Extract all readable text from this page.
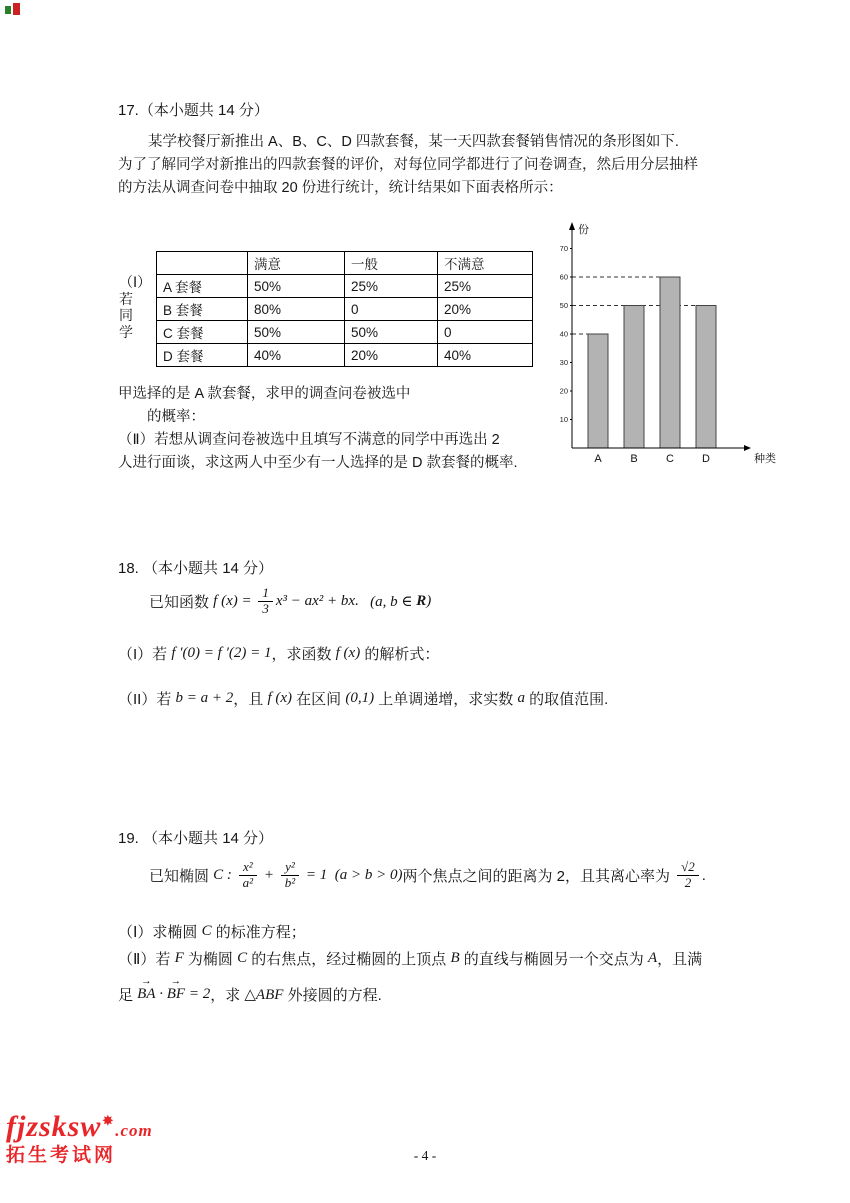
17.（本小题共 14 分）
某学校餐厅新推出 A、B、C、D 四款套餐，某一天四款套餐销售情况的条形图如下.
为了了解同学对新推出的四款套餐的评价，对每位同学都进行了问卷调查，然后用分层抽样
的方法从调查问卷中抽取 20 份进行统计，统计结果如下面表格所示：
（Ⅰ）若同学
	满意	一般	不满意
A 套餐	50%	25%	25%
B 套餐	80%	0	20%
C 套餐	50%	50%	0
D 套餐	40%	20%	40%
10
20
30
40
50
60
70
A	B	C	D
份
种类
甲选择的是 A 款套餐，求甲的调查问卷被选中
的概率：
（Ⅱ）若想从调查问卷被选中且填写不满意的同学中再选出 2
人进行面谈，求这两人中至少有一人选择的是 D 款套餐的概率.
18. （本小题共 14 分）
已知函数 f $(x) = \frac{1}{3} x^3 - ax^2$ + bx. (a, b ∈ R )
（I）若 f ′(0) = f ′(2) = 1 ，求函数 f (x) 的解析式：
（II）若 b = a + 2 ，且 f (x) 在区间 (0,1) 上单调递增，求实数 a 的取值范围.
19. （本小题共 14 分）
已知椭圆 C : $\frac{\text{x²}}{\text{a²}} + \frac{\text{y²}}{\text{b²}} = 1$ (a > b > 0) 两个焦点之间的距离为 2，且其离心率为 $\frac{√2}{2}$ .
（Ⅰ）求椭圆 C 的标准方程；
（Ⅱ）若 F 为椭圆 C 的右焦点，经过椭圆的上顶点 B 的直线与椭圆另一个交点为 A ，且满
足 BA → · BF → = 2 ，求 △ABF 外接圆的方程.
- 4 -
fjzsksw✸.com
拓生考试网
